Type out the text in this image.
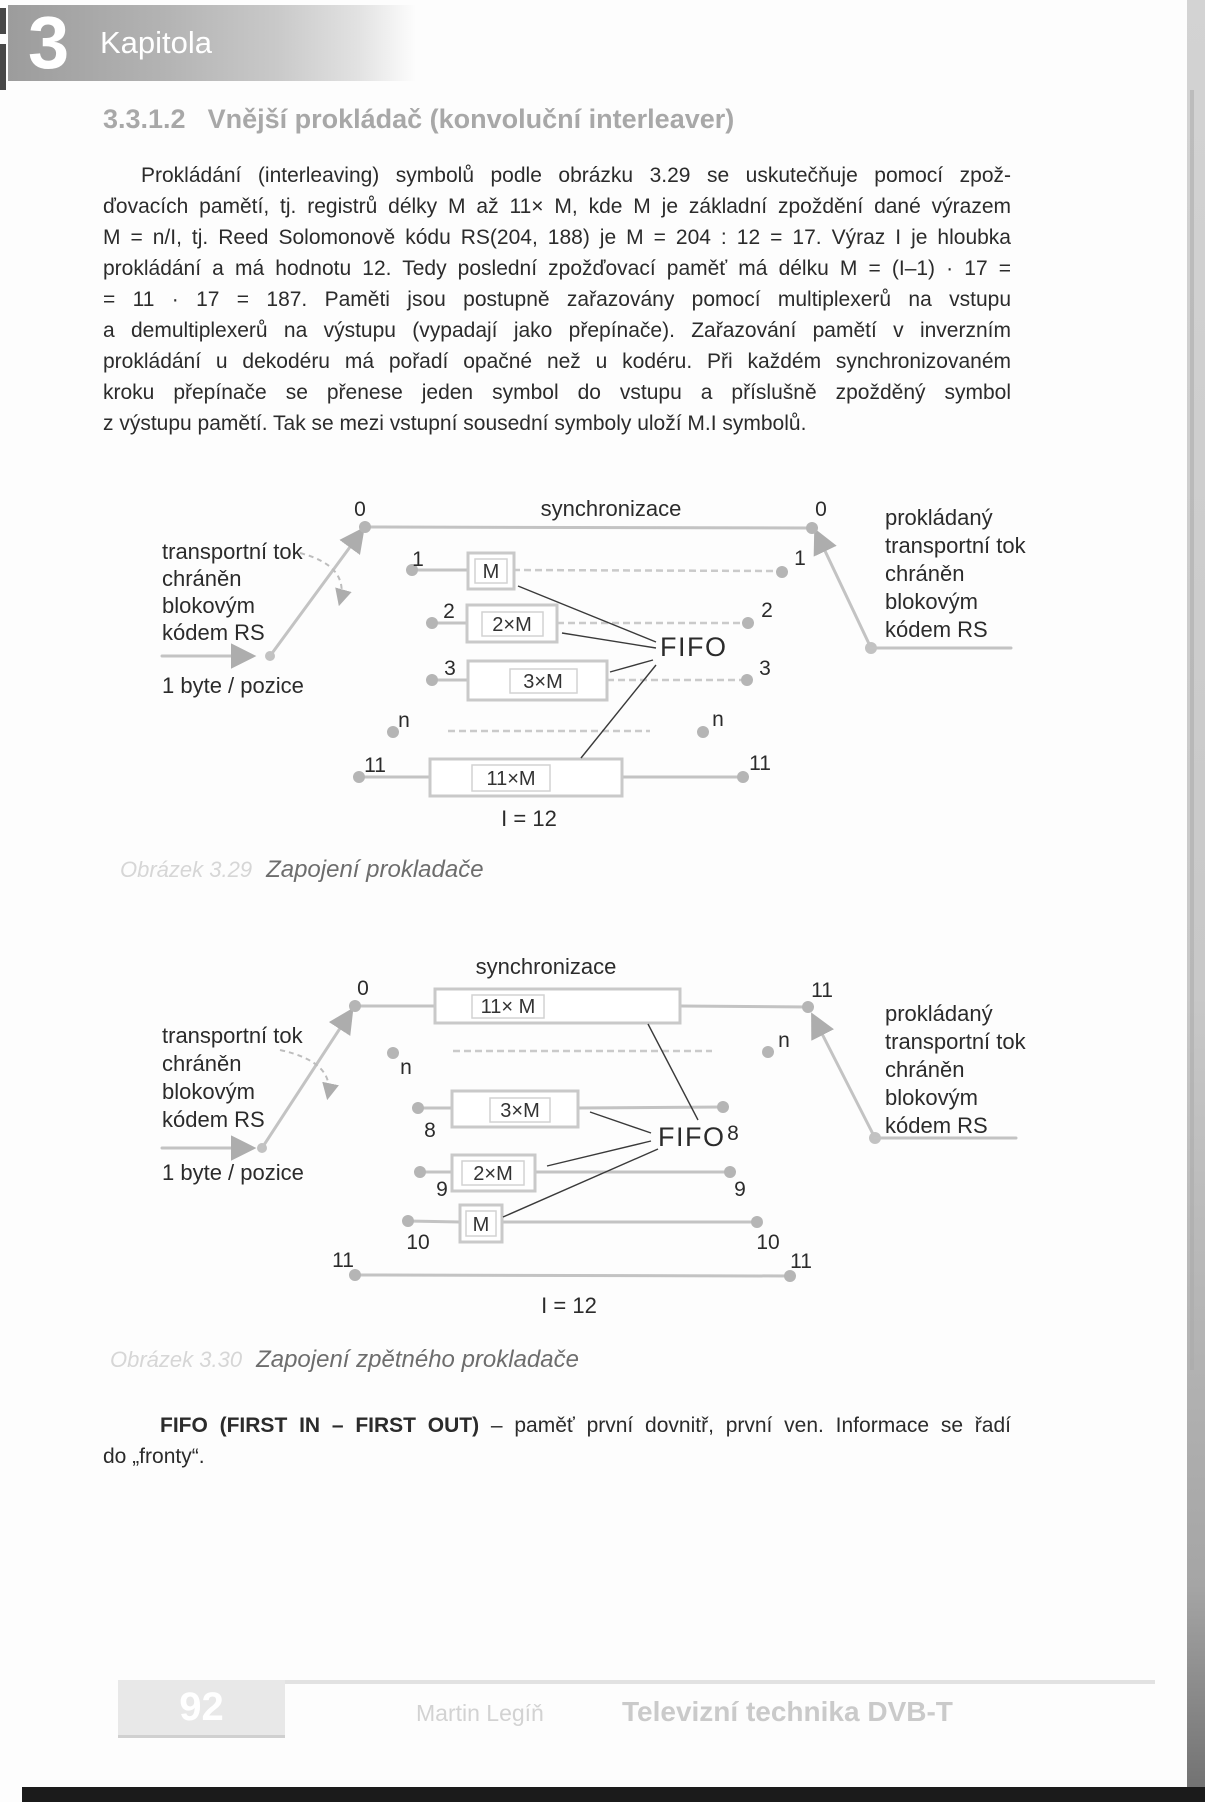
3 Kapitola
3.3.1.2 Vnější prokládač (konvoluční interleaver)
Prokládání (interleaving) symbolů podle obrázku 3.29 se uskutečňuje pomocí zpož-
ďovacích pamětí, tj. registrů délky M až 11× M, kde M je základní zpoždění dané výrazem
M = n/I, tj. Reed Solomonově kódu RS(204, 188) je M = 204 : 12 = 17. Výraz I je hloubka
prokládání a má hodnotu 12. Tedy poslední zpožďovací paměť má délku M = (I–1) · 17 =
= 11 · 17 = 187. Paměti jsou postupně zařazovány pomocí multiplexerů na vstupu
a demultiplexerů na výstupu (vypadají jako přepínače). Zařazování pamětí v inverzním
prokládání u dekodéru má pořadí opačné než u kodéru. Při každém synchronizovaném
kroku přepínače se přenese jeden symbol do vstupu a příslušně zpožděný symbol
z výstupu pamětí. Tak se mezi vstupní sousední symboly uloží M.I symbolů.
synchronizace
0	0
1	1
2	2
3	3
n	n
11	11
M
2×M
3×M
11×M
FIFO
I = 12
transportní tok
chráněn
blokovým
kódem RS
1 byte / pozice
prokládaný
transportní tok
chráněn
blokovým
kódem RS
Obrázek 3.29 Zapojení prokladače
synchronizace
0	11
n
n
8	8
9	9
10	10
11	11
11× M
3×M
2×M
M
FIFO
I = 12
transportní tok
chráněn
blokovým
kódem RS
1 byte / pozice
prokládaný
transportní tok
chráněn
blokovým
kódem RS
Obrázek 3.30 Zapojení zpětného prokladače
FIFO (FIRST IN – FIRST OUT) – paměť první dovnitř, první ven. Informace se řadí
do „fronty“.
92	Martin Legíň	Televizní technika DVB-T
